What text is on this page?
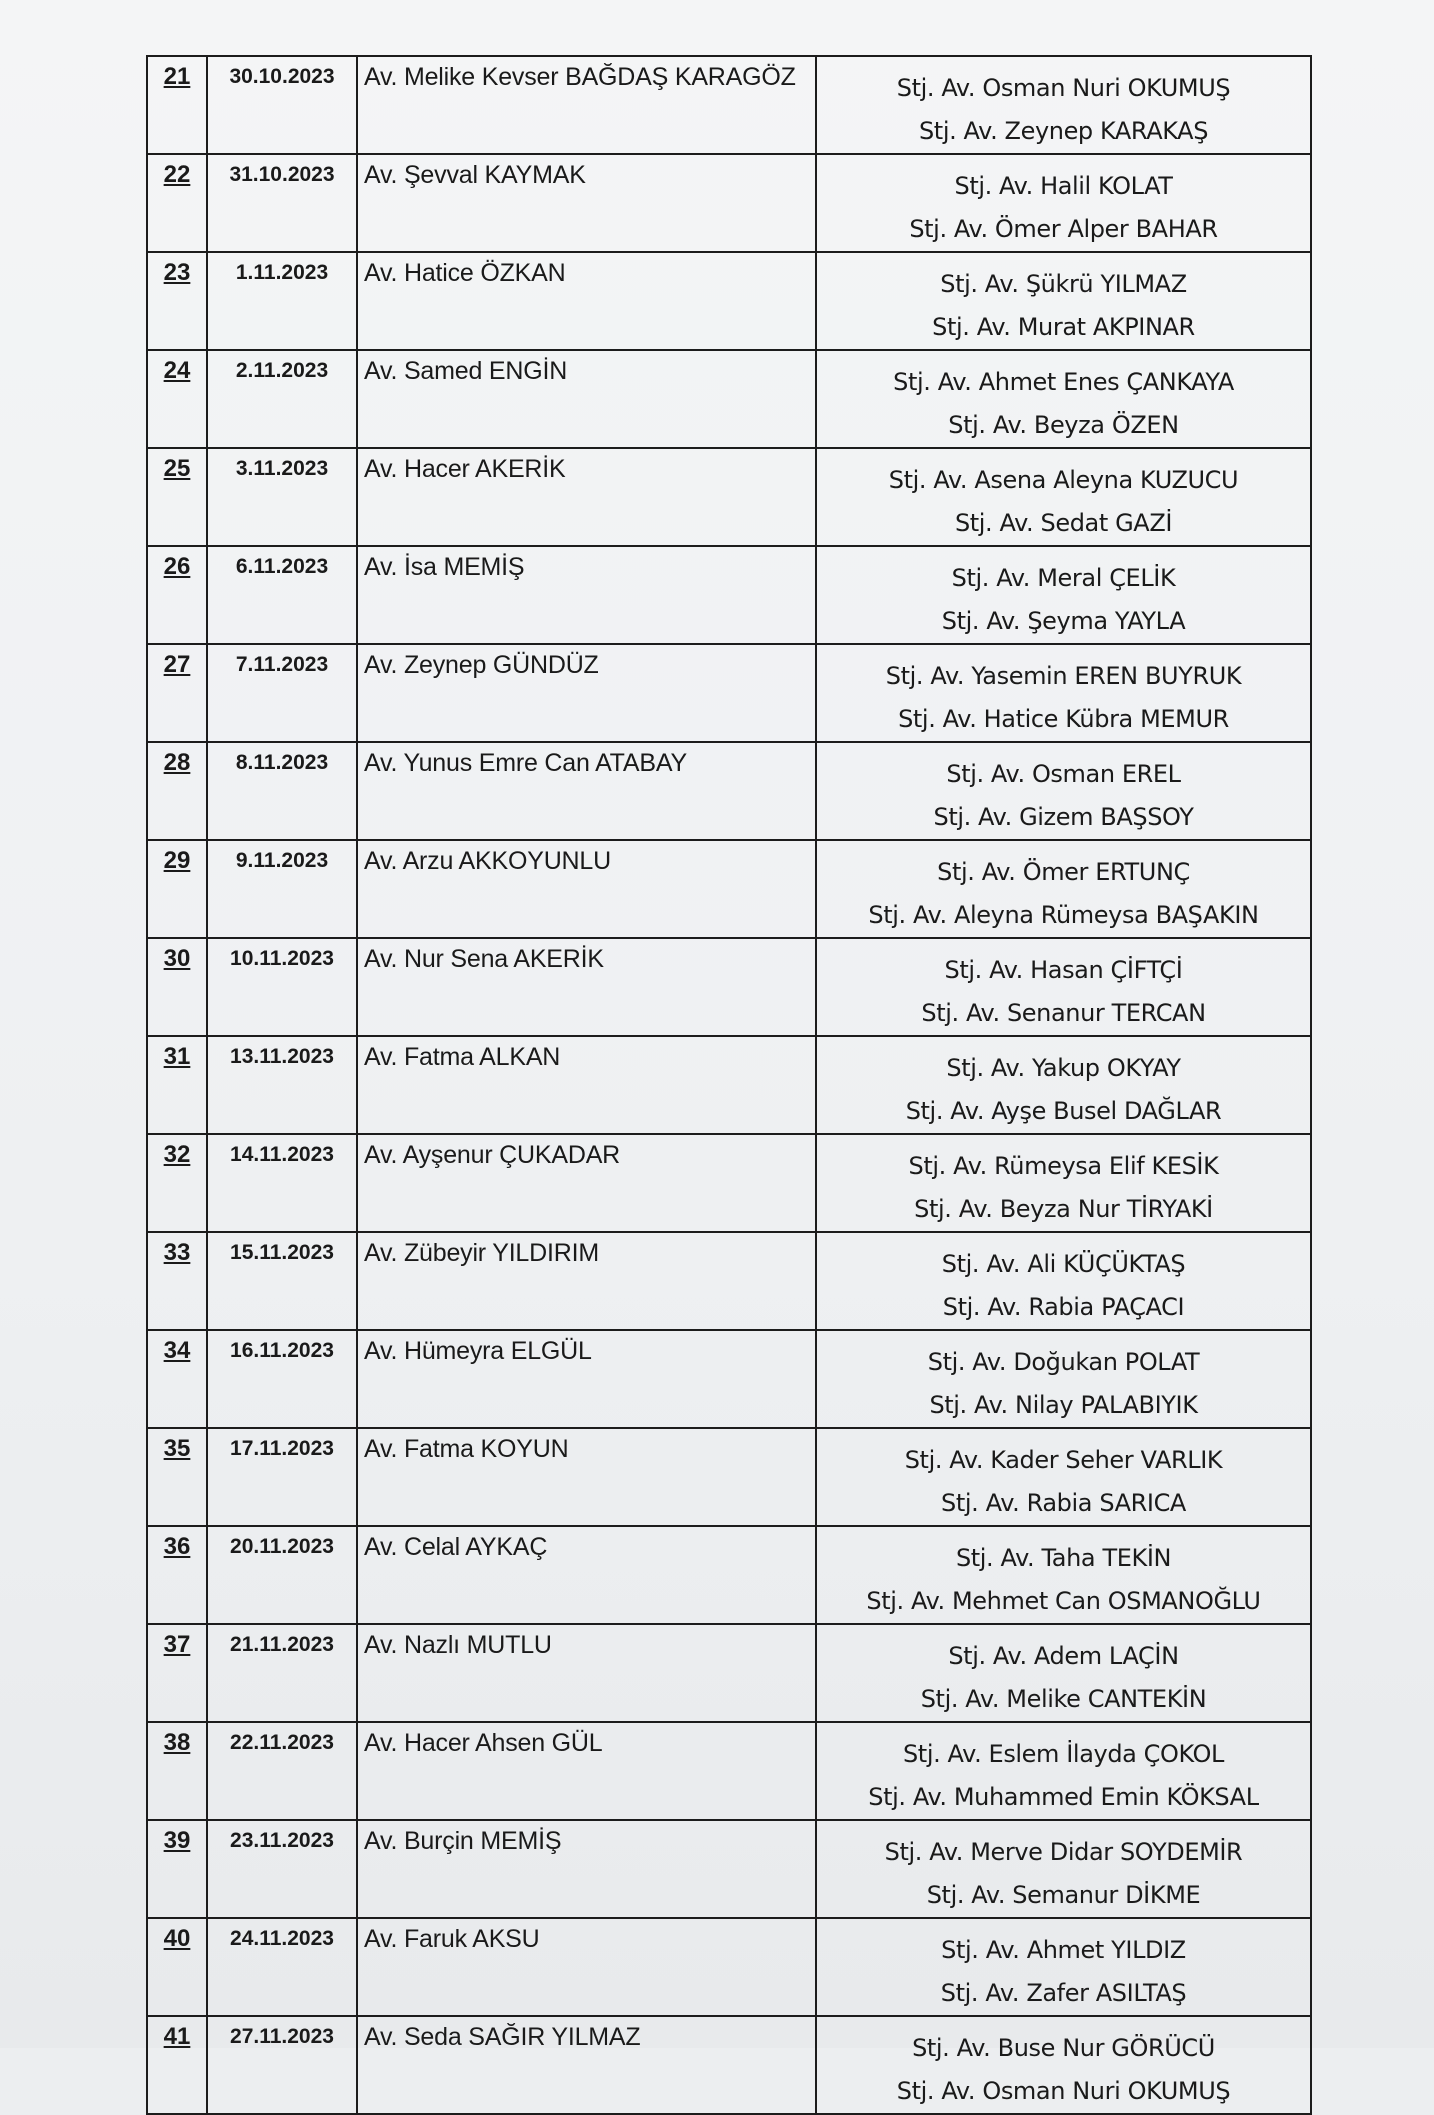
21	30.10.2023	Av. Melike Kevser BAĞDAŞ KARAGÖZ	Stj. Av. Osman Nuri OKUMUŞ
Stj. Av. Zeynep KARAKAŞ

22	31.10.2023	Av. Şevval KAYMAK	Stj. Av. Halil KOLAT
Stj. Av. Ömer Alper BAHAR

23	1.11.2023	Av. Hatice ÖZKAN	Stj. Av. Şükrü YILMAZ
Stj. Av. Murat AKPINAR

24	2.11.2023	Av. Samed ENGİN	Stj. Av. Ahmet Enes ÇANKAYA
Stj. Av. Beyza ÖZEN

25	3.11.2023	Av. Hacer AKERİK	Stj. Av. Asena Aleyna KUZUCU
Stj. Av. Sedat GAZİ

26	6.11.2023	Av. İsa MEMİŞ	Stj. Av. Meral ÇELİK
Stj. Av. Şeyma YAYLA

27	7.11.2023	Av. Zeynep GÜNDÜZ	Stj. Av. Yasemin EREN BUYRUK
Stj. Av. Hatice Kübra MEMUR

28	8.11.2023	Av. Yunus Emre Can ATABAY	Stj. Av. Osman EREL
Stj. Av. Gizem BAŞSOY

29	9.11.2023	Av. Arzu AKKOYUNLU	Stj. Av. Ömer ERTUNÇ
Stj. Av. Aleyna Rümeysa BAŞAKIN

30	10.11.2023	Av. Nur Sena AKERİK	Stj. Av. Hasan ÇİFTÇİ
Stj. Av. Senanur TERCAN

31	13.11.2023	Av. Fatma ALKAN	Stj. Av. Yakup OKYAY
Stj. Av. Ayşe Busel DAĞLAR

32	14.11.2023	Av. Ayşenur ÇUKADAR	Stj. Av. Rümeysa Elif KESİK
Stj. Av. Beyza Nur TİRYAKİ

33	15.11.2023	Av. Zübeyir YILDIRIM	Stj. Av. Ali KÜÇÜKTAŞ
Stj. Av. Rabia PAÇACI

34	16.11.2023	Av. Hümeyra ELGÜL	Stj. Av. Doğukan POLAT
Stj. Av. Nilay PALABIYIK

35	17.11.2023	Av. Fatma KOYUN	Stj. Av. Kader Seher VARLIK
Stj. Av. Rabia SARICA

36	20.11.2023	Av. Celal AYKAÇ	Stj. Av. Taha TEKİN
Stj. Av. Mehmet Can OSMANOĞLU

37	21.11.2023	Av. Nazlı MUTLU	Stj. Av. Adem LAÇİN
Stj. Av. Melike CANTEKİN

38	22.11.2023	Av. Hacer Ahsen GÜL	Stj. Av. Eslem İlayda ÇOKOL
Stj. Av. Muhammed Emin KÖKSAL

39	23.11.2023	Av. Burçin MEMİŞ	Stj. Av. Merve Didar SOYDEMİR
Stj. Av. Semanur DİKME

40	24.11.2023	Av. Faruk AKSU	Stj. Av. Ahmet YILDIZ
Stj. Av. Zafer ASILTAŞ

41	27.11.2023	Av. Seda SAĞIR YILMAZ	Stj. Av. Buse Nur GÖRÜCÜ
Stj. Av. Osman Nuri OKUMUŞ
